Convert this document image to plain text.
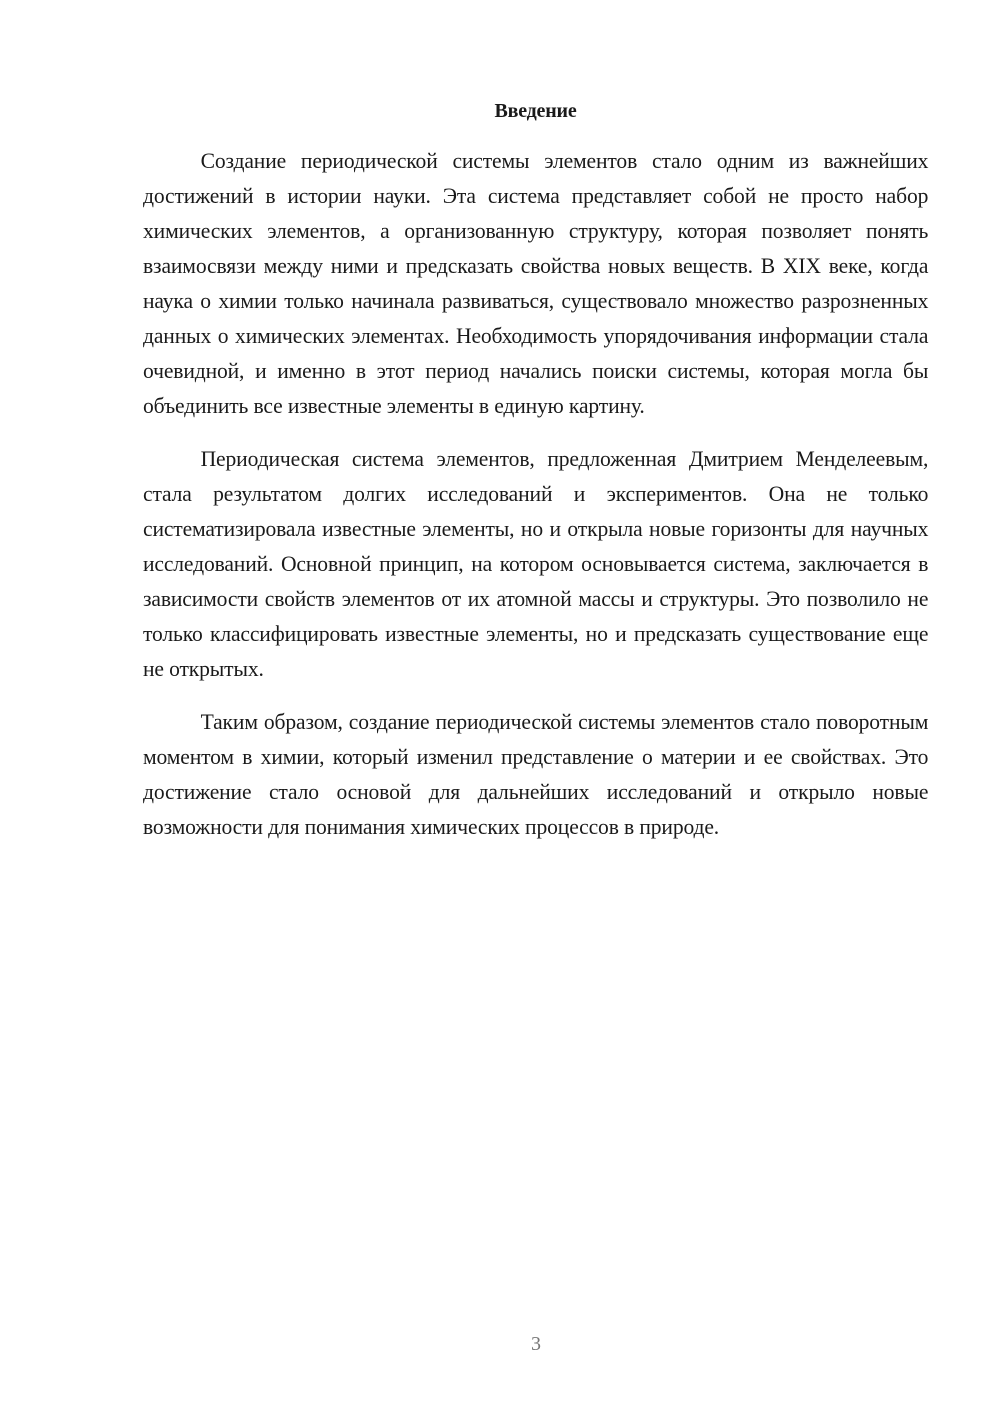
Введение

Создание периодической системы элементов стало одним из важнейших достижений в истории науки. Эта система представляет собой не просто набор химических элементов, а организованную структуру, которая позволяет понять взаимосвязи между ними и предсказать свойства новых веществ. В XIX веке, когда наука о химии только начинала развиваться, существовало множество разрозненных данных о химических элементах. Необходимость упорядочивания информации стала очевидной, и именно в этот период начались поиски системы, которая могла бы объединить все известные элементы в единую картину.

Периодическая система элементов, предложенная Дмитрием Менделеевым, стала результатом долгих исследований и экспериментов. Она не только систематизировала известные элементы, но и открыла новые горизонты для научных исследований. Основной принцип, на котором основывается система, заключается в зависимости свойств элементов от их атомной массы и структуры. Это позволило не только классифицировать известные элементы, но и предсказать существование еще не открытых.

Таким образом, создание периодической системы элементов стало поворотным моментом в химии, который изменил представление о материи и ее свойствах. Это достижение стало основой для дальнейших исследований и открыло новые возможности для понимания химических процессов в природе.

3
